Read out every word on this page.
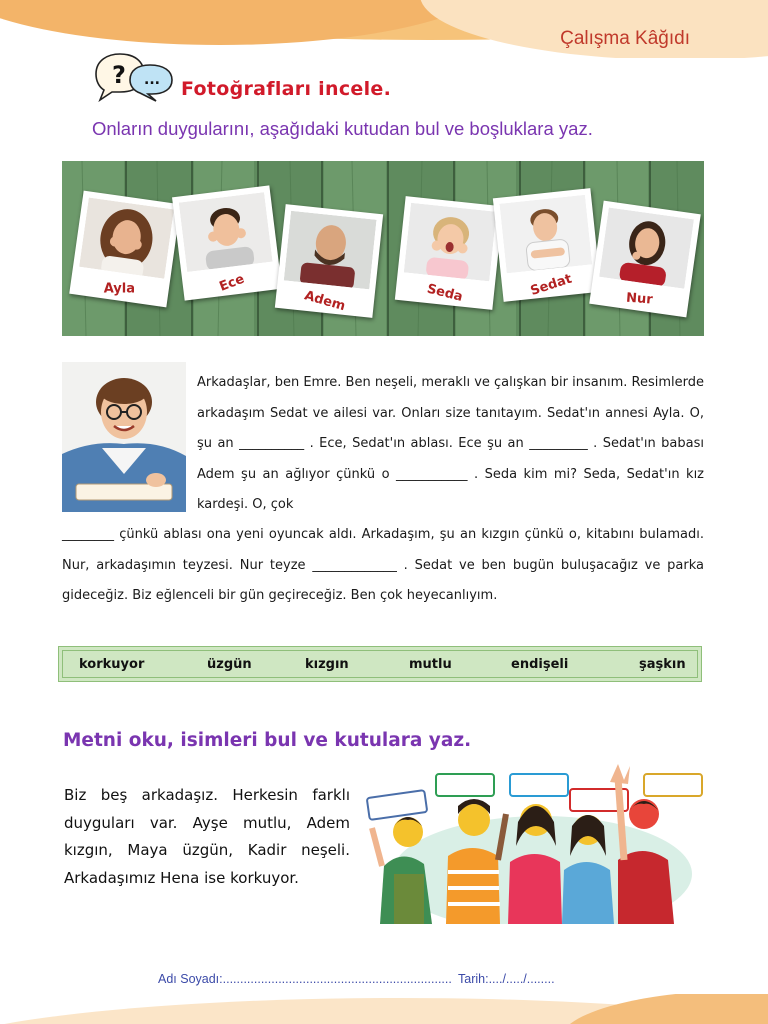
Çalışma Kâğıdı
? ... Fotoğrafları incele.
Onların duygularını, aşağıdaki kutudan bul ve boşluklara yaz.
Ayla	Ece
Adem	Seda	Sedat
Nur
Arkadaşlar, ben Emre. Ben neşeli, meraklı ve çalışkan bir insanım. Resimlerde arkadaşım Sedat ve ailesi var. Onları size tanıtayım. Sedat'ın annesi Ayla. O, şu an __________ . Ece, Sedat'ın ablası. Ece şu an _________ . Sedat'ın babası Adem şu an ağlıyor çünkü o ___________ . Seda kim mi? Seda, Sedat'ın kız kardeşi. O, çok
________ çünkü ablası ona yeni oyuncak aldı. Arkadaşım, şu an kızgın çünkü o, kitabını bulamadı. Nur, arkadaşımın teyzesi. Nur teyze _____________ . Sedat ve ben bugün buluşacağız ve parka gideceğiz. Biz eğlenceli bir gün geçireceğiz. Ben çok heyecanlıyım.
korkuyor	üzgün	kızgın	mutlu	endişeli	şaşkın
Metni oku, isimleri bul ve kutulara yaz.
Biz beş arkadaşız. Herkesin farklı duyguları var. Ayşe mutlu, Adem kızgın, Maya üzgün, Kadir neşeli. Arkadaşımız Hena ise korkuyor.
Adı Soyadı:.................................................................. Tarih:..../...../........
